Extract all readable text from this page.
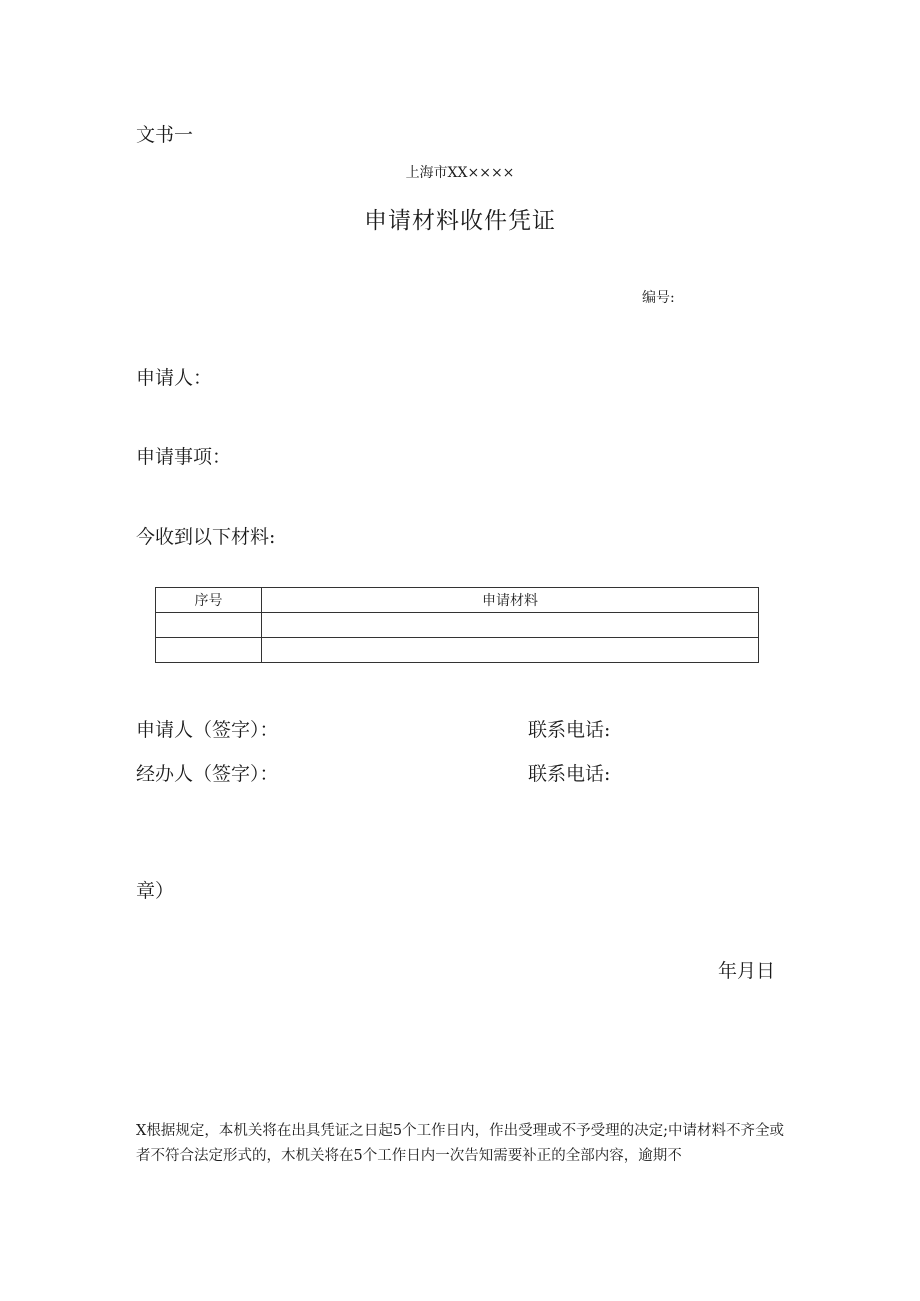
文书一
上海市XX××××
申请材料收件凭证
编号:
申请人：
申请事项：
今收到以下材料:
序号	申请材料

申请人（签字）：	联系电话:
经办人（签字）：	联系电话:
章）
年月日
X根据规定，本机关将在出具凭证之日起5个工作日内，作出受理或不予受理的决定;中请材料不齐全或者不符合法定形式的，木机关将在5个工作日内一次告知需要补正的全部内容，逾期不
